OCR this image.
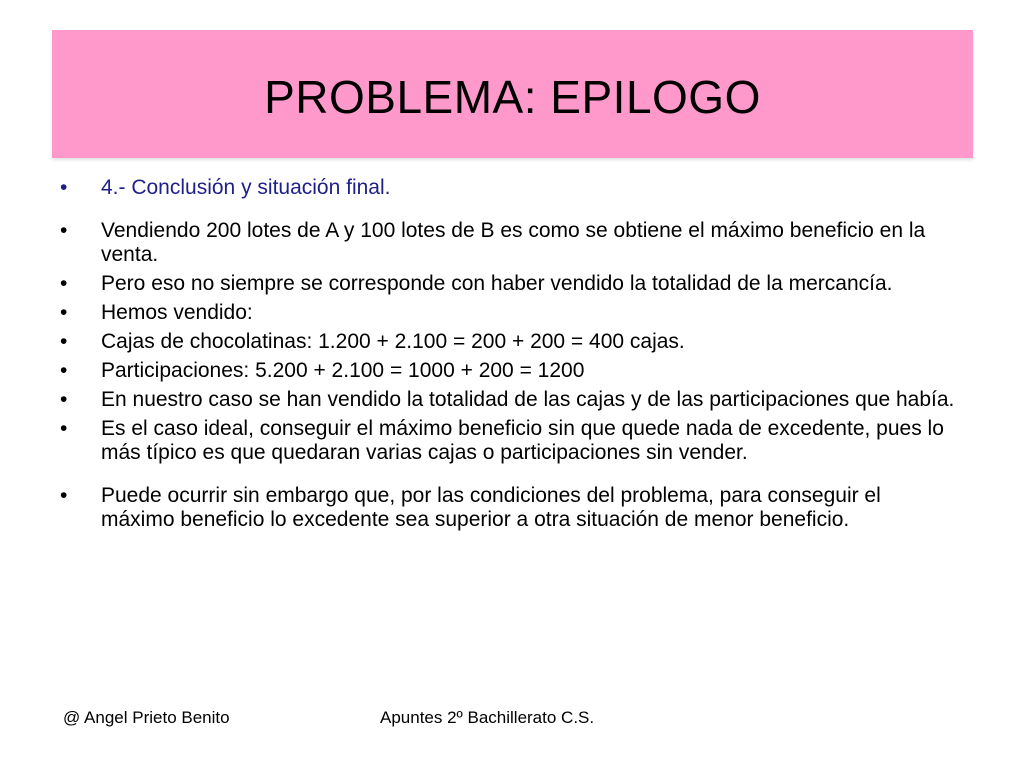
PROBLEMA: EPILOGO
• 4.- Conclusión y situación final.
• Vendiendo 200 lotes de A y 100 lotes de B es como se obtiene el máximo beneficio en la venta.
• Pero eso no siempre se corresponde con haber vendido la totalidad de la mercancía.
• Hemos vendido:
• Cajas de chocolatinas: 1.200 + 2.100 = 200 + 200 = 400 cajas.
• Participaciones: 5.200 + 2.100 = 1000 + 200 = 1200
• En nuestro caso se han vendido la totalidad de las cajas y de las participaciones que había.
• Es el caso ideal, conseguir el máximo beneficio sin que quede nada de excedente, pues lo más típico es que quedaran varias cajas o participaciones sin vender.
• Puede ocurrir sin embargo que, por las condiciones del problema, para conseguir el máximo beneficio lo excedente sea superior a otra situación de menor beneficio.
@ Angel Prieto Benito	Apuntes 2º Bachillerato C.S.
